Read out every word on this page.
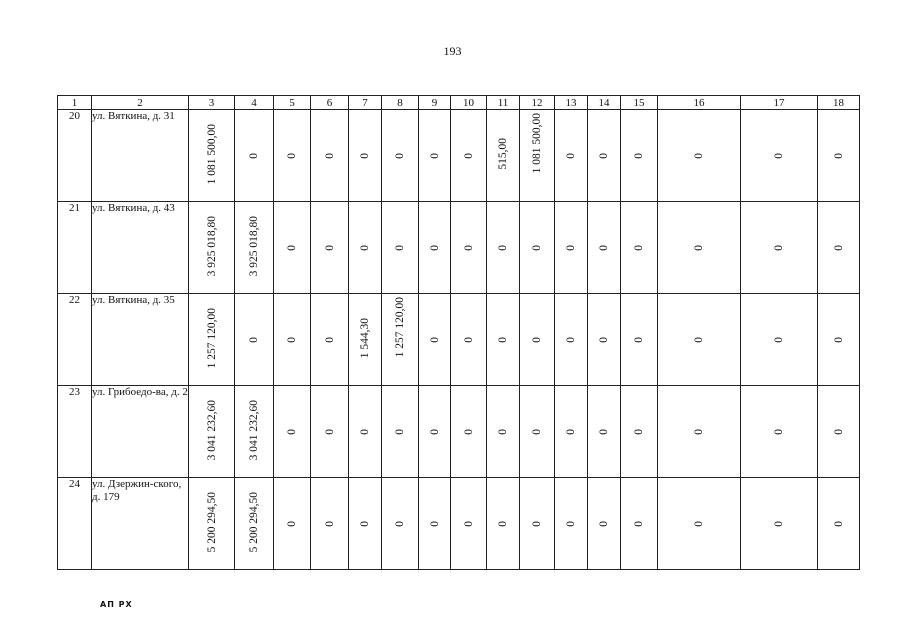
193
1	2	3	4	5	6	7	8	9	10	11	12	13	14	15	16	17	18
20	ул. Вяткина, д. 31	1 081 500,00	0	0	0	0	0	0	0	515,00	1 081 500,00	0	0	0	0	0	0
21	ул. Вяткина, д. 43	3 925 018,80	3 925 018,80	0	0	0	0	0	0	0	0	0	0	0	0	0	0
22	ул. Вяткина, д. 35	1 257 120,00	0	0	0	1 544,30	1 257 120,00	0	0	0	0	0	0	0	0	0	0
23	ул. Грибоедо-ва, д. 2	3 041 232,60	3 041 232,60	0	0	0	0	0	0	0	0	0	0	0	0	0	0
24	ул. Дзержин-ского, д. 179	5 200 294,50	5 200 294,50	0	0	0	0	0	0	0	0	0	0	0	0	0	0
АП РХ
